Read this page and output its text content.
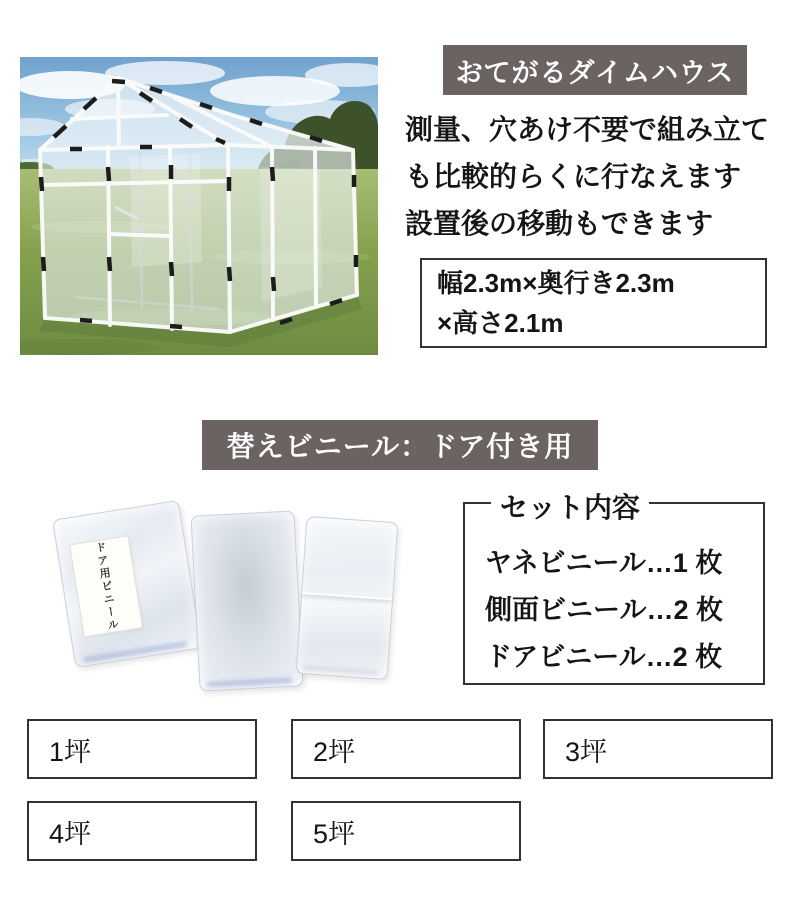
おてがるダイムハウス
測量、穴あけ不要で組み立て
も比較的らくに行なえます
設置後の移動もできます
幅2.3m×奥行き2.3m
×高さ2.1m
替えビニール：ドア付き用
ドア用ビニール
セット内容
ヤネビニール…1 枚
側面ビニール…2 枚
ドアビニール…2 枚
1坪	2坪	3坪
4坪	5坪
